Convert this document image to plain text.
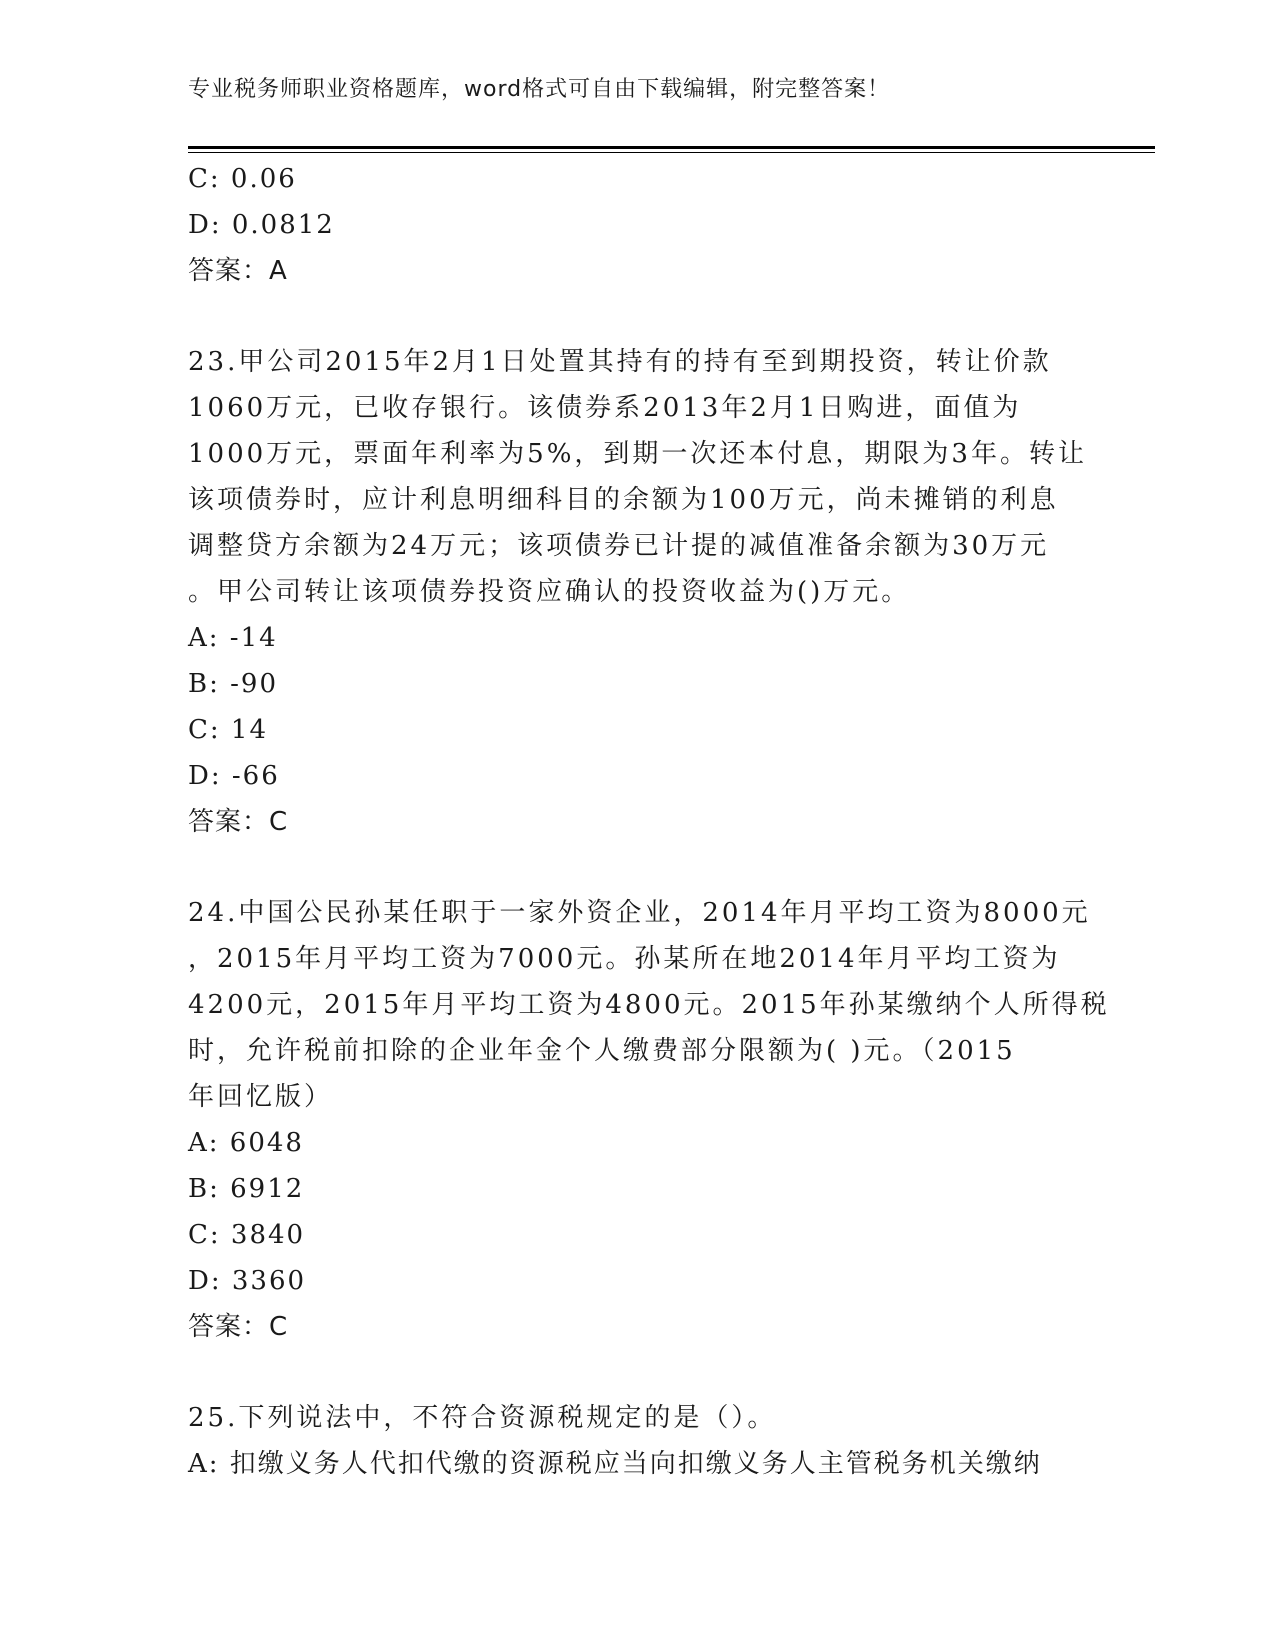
专业税务师职业资格题库，word格式可自由下载编辑，附完整答案！
C: 0.06
D: 0.0812
答案：A
23.甲公司2015年2月1日处置其持有的持有至到期投资，转让价款
1060万元，已收存银行。该债券系2013年2月1日购进，面值为
1000万元，票面年利率为5%，到期一次还本付息，期限为3年。转让
该项债券时，应计利息明细科目的余额为100万元，尚未摊销的利息
调整贷方余额为24万元；该项债券已计提的减值准备余额为30万元
。甲公司转让该项债券投资应确认的投资收益为()万元。
A: -14
B: -90
C: 14
D: -66
答案：C
24.中国公民孙某任职于一家外资企业，2014年月平均工资为8000元
，2015年月平均工资为7000元。孙某所在地2014年月平均工资为
4200元，2015年月平均工资为4800元。2015年孙某缴纳个人所得税
时，允许税前扣除的企业年金个人缴费部分限额为( )元。（2015
年回忆版）
A: 6048
B: 6912
C: 3840
D: 3360
答案：C
25.下列说法中，不符合资源税规定的是（）。
A: 扣缴义务人代扣代缴的资源税应当向扣缴义务人主管税务机关缴纳
